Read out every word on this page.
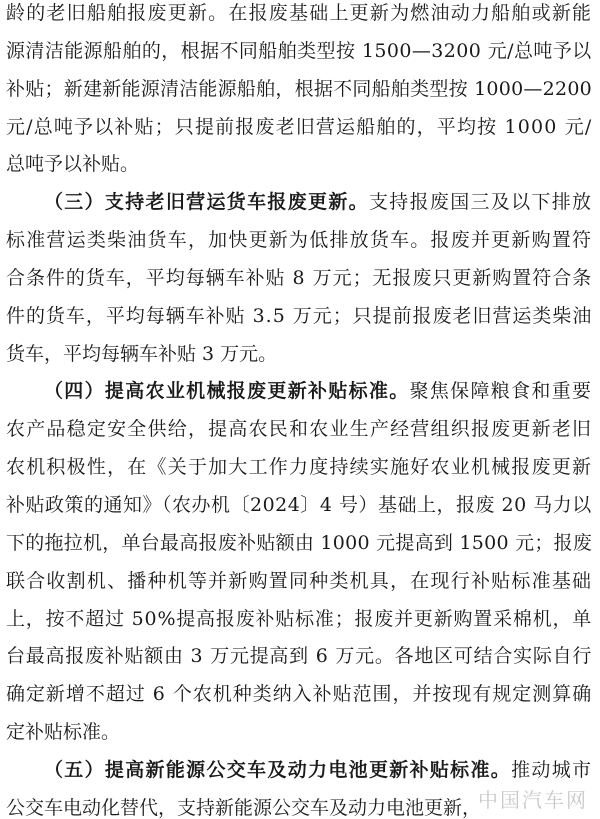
龄的老旧船舶报废更新。在报废基础上更新为燃油动力船舶或新能
源清洁能源船舶的，根据不同船舶类型按 1500—3200 元/总吨予以
补贴；新建新能源清洁能源船舶，根据不同船舶类型按 1000—2200
元/总吨予以补贴；只提前报废老旧营运船舶的，平均按 1000 元/
总吨予以补贴。
（三）支持老旧营运货车报废更新。支持报废国三及以下排放
标准营运类柴油货车，加快更新为低排放货车。报废并更新购置符
合条件的货车，平均每辆车补贴 8 万元；无报废只更新购置符合条
件的货车，平均每辆车补贴 3.5 万元；只提前报废老旧营运类柴油
货车，平均每辆车补贴 3 万元。
（四）提高农业机械报废更新补贴标准。聚焦保障粮食和重要
农产品稳定安全供给，提高农民和农业生产经营组织报废更新老旧
农机积极性，在《关于加大工作力度持续实施好农业机械报废更新
补贴政策的通知》（农办机〔2024〕4 号）基础上，报废 20 马力以
下的拖拉机，单台最高报废补贴额由 1000 元提高到 1500 元；报废
联合收割机、播种机等并新购置同种类机具，在现行补贴标准基础
上，按不超过 50%提高报废补贴标准；报废并更新购置采棉机，单
台最高报废补贴额由 3 万元提高到 6 万元。各地区可结合实际自行
确定新增不超过 6 个农机种类纳入补贴范围，并按现有规定测算确
定补贴标准。
（五）提高新能源公交车及动力电池更新补贴标准。推动城市
公交车电动化替代，支持新能源公交车及动力电池更新，
中国汽车网
